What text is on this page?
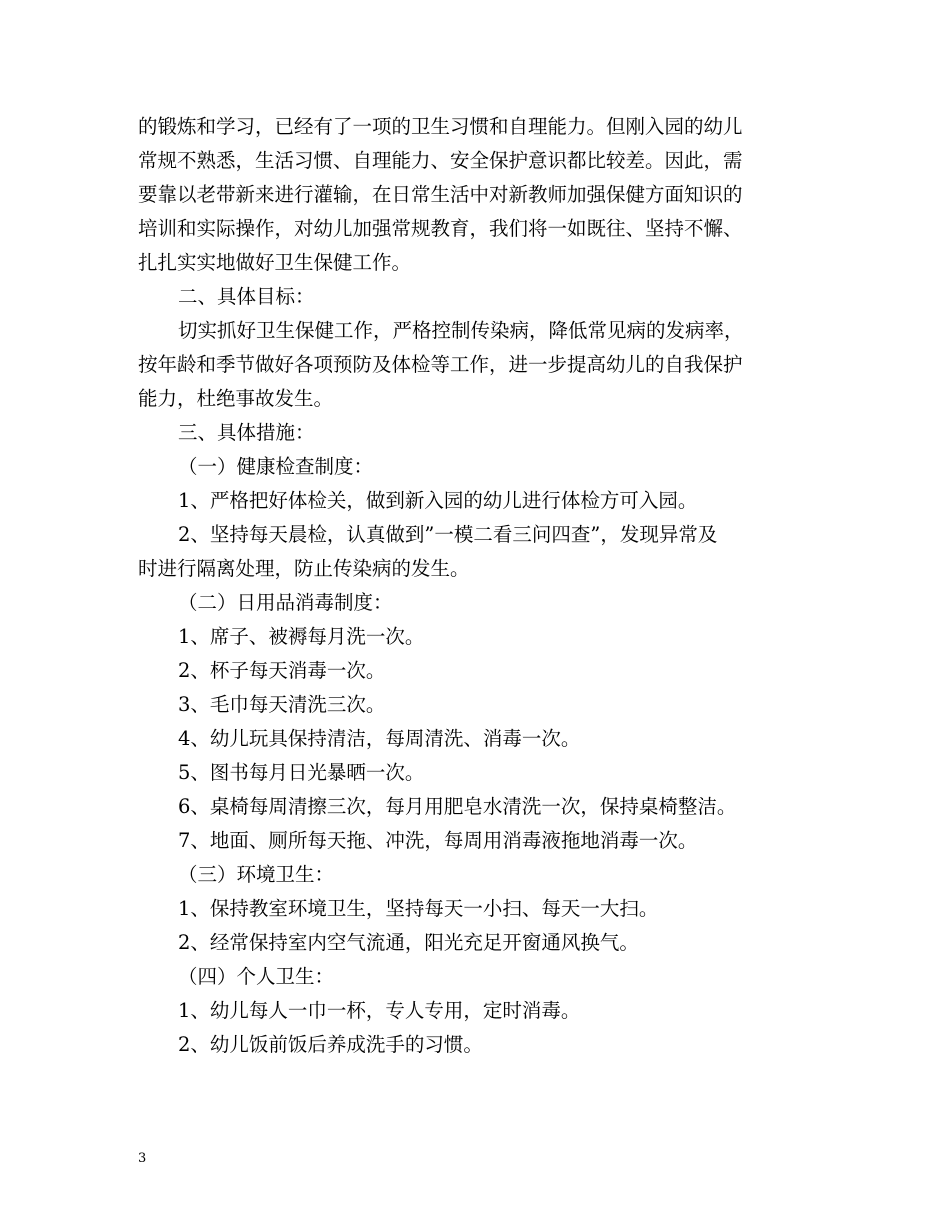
的锻炼和学习，已经有了一项的卫生习惯和自理能力。但刚入园的幼儿
常规不熟悉，生活习惯、自理能力、安全保护意识都比较差。因此，需
要靠以老带新来进行灌输，在日常生活中对新教师加强保健方面知识的
培训和实际操作，对幼儿加强常规教育，我们将一如既往、坚持不懈、
扎扎实实地做好卫生保健工作。
二、具体目标：
切实抓好卫生保健工作，严格控制传染病，降低常见病的发病率，
按年龄和季节做好各项预防及体检等工作，进一步提高幼儿的自我保护
能力，杜绝事故发生。
三、具体措施：
（一）健康检查制度：
1、严格把好体检关，做到新入园的幼儿进行体检方可入园。
2、坚持每天晨检，认真做到”一模二看三问四查”，发现异常及
时进行隔离处理，防止传染病的发生。
（二）日用品消毒制度：
1、席子、被褥每月洗一次。
2、杯子每天消毒一次。
3、毛巾每天清洗三次。
4、幼儿玩具保持清洁，每周清洗、消毒一次。
5、图书每月日光暴晒一次。
6、桌椅每周清擦三次，每月用肥皂水清洗一次，保持桌椅整洁。
7、地面、厕所每天拖、冲洗，每周用消毒液拖地消毒一次。
（三）环境卫生：
1、保持教室环境卫生，坚持每天一小扫、每天一大扫。
2、经常保持室内空气流通，阳光充足开窗通风换气。
（四）个人卫生：
1、幼儿每人一巾一杯，专人专用，定时消毒。
2、幼儿饭前饭后养成洗手的习惯。
3
